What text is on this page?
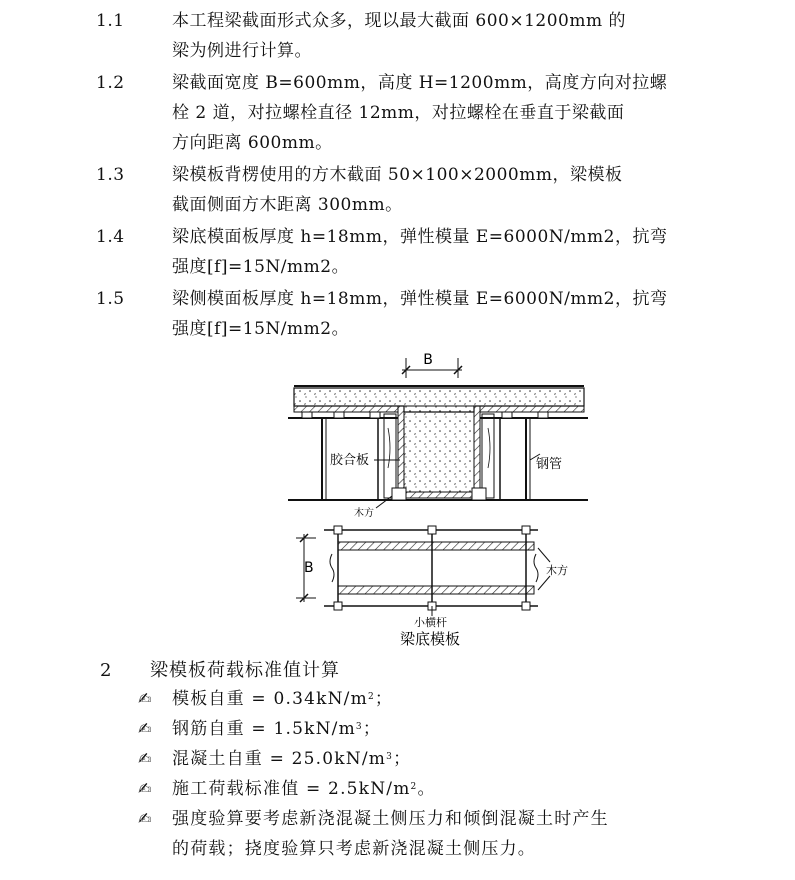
1.1	本工程梁截面形式众多，现以最大截面 600×1200mm 的
梁为例进行计算。
1.2	梁截面宽度 B=600mm，高度 H=1200mm，高度方向对拉螺
栓 2 道，对拉螺栓直径 12mm，对拉螺栓在垂直于梁截面
方向距离 600mm。
1.3	梁模板背楞使用的方木截面 50×100×2000mm，梁模板
截面侧面方木距离 300mm。
1.4	梁底模面板厚度 h=18mm，弹性模量 E=6000N/mm2，抗弯
强度[f]=15N/mm2。
1.5	梁侧模面板厚度 h=18mm，弹性模量 E=6000N/mm2，抗弯
强度[f]=15N/mm2。
B
胶合板	钢管
木方
B	木方
小横杆
梁底模板
2 梁模板荷载标准值计算
✍	模板自重 = $0.34kN/m^2$；
✍	钢筋自重 = $1.5kN/m^3$；
✍	混凝土自重 = $25.0kN/m^3$；
✍	施工荷载标准值 = $2.5kN/m^2$。
✍	强度验算要考虑新浇混凝土侧压力和倾倒混凝土时产生
的荷载；挠度验算只考虑新浇混凝土侧压力。
